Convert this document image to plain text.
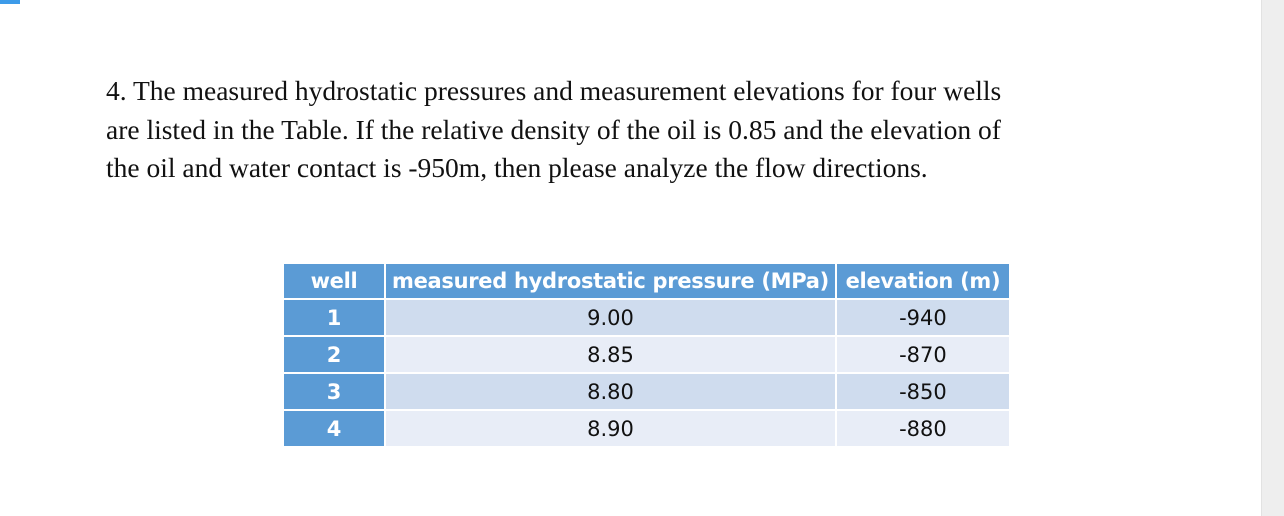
4. The measured hydrostatic pressures and measurement elevations for four wells
are listed in the Table. If the relative density of the oil is 0.85 and the elevation of
the oil and water contact is -950m, then please analyze the flow directions.

well	measured hydrostatic pressure (MPa)	elevation (m)
1	9.00	-940
2	8.85	-870
3	8.80	-850
4	8.90	-880
